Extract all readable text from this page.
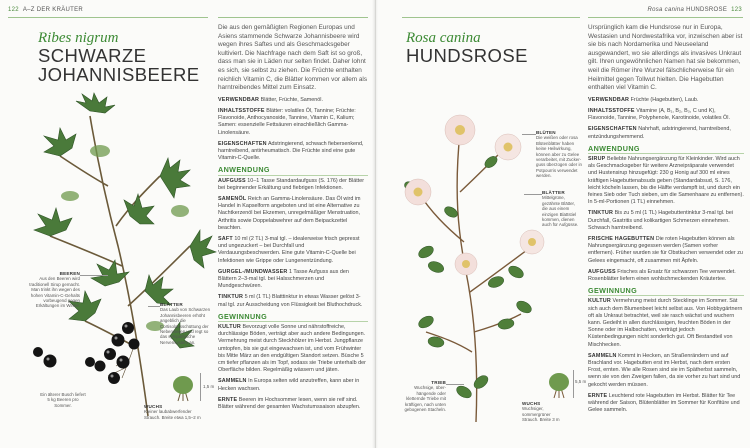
122 A–Z DER KRÄUTER
Ribes nigrum
SCHWARZE JOHANNISBEERE
BEEREN
Aus den Beeren wird traditionell Sirup gemacht. Man trinkt ihn wegen des hohen Vitamin-C-Gehalts vorbeugend gegen Erkältungen im Winter.	BLÄTTER
Das Laub von Schwarzen Johannisbeeren erhöht angeblich die Cortisolausschüttung der Nebennieren und regt so das sympathische Nervensystem an.
WUCHS
Kleiner laubabwerfender Strauch. Breite etwa 1,5–2 m
Ein älterer Busch liefert 5 kg Beeren pro Sommer.
1,5 m

Die aus den gemäßigten Regionen Europas und Asiens stammende Schwarze Johannisbeere wird wegen ihres Saftes und als Geschmacksgeber kultiviert. Die Nachfrage nach dem Saft ist so groß, dass man sie in Läden nur selten findet. Daher lohnt es sich, sie selbst zu ziehen. Die Früchte enthalten reichlich Vitamin C, die Blätter kommen vor allem als harntreibendes Mittel zum Einsatz.

VERWENDBAR Blätter, Früchte, Samenöl.

INHALTSSTOFFE Blätter: volatiles Öl, Tannine; Früchte: Flavonoide, Anthocyanoside, Tannine, Vitamin C, Kalium; Samen: essenzielle Fettsäuren einschließlich Gamma-Linolensäure.

EIGENSCHAFTEN Adstringierend, schwach fiebersenkend, harntreibend, antirheumatisch. Die Früchte sind eine gute Vitamin-C-Quelle.

ANWENDUNG

AUFGUSS 10–1 Tasse Standardaufguss (S. 176) der Blätter bei beginnender Erkältung und fiebrigen Infektionen.

SAMENÖL Reich an Gamma-Linolensäure. Das Öl wird im Handel in Kapselform angeboten und ist eine Alternative zu Nachtkerzenöl bei Ekzemen, unregelmäßiger Menstruation, Arthritis sowie Doppelabwehrer auf dem Beipackzettel beachten.

SAFT 10 ml (2 TL) 3-mal tgl. – idealerweise frisch gepresst und ungezuckert – bei Durchfall und Verdauungsbeschwerden. Eine gute Vitamin-C-Quelle bei Infektionen wie Grippe oder Lungenentzündung.

GURGEL-/MUNDWASSER 1 Tasse Aufguss aus den Blättern 2–3-mal tgl. bei Halsschmerzen und Mundgeschwüren.

TINKTUR 5 ml (1 TL) Blatttinktur in etwas Wasser gelöst 3-mal tgl. zur Ausscheidung von Flüssigkeit bei Bluthochdruck.

GEWINNUNG

KULTUR Bevorzugt volle Sonne und nährstoffreiche, durchlässige Böden, verträgt aber auch andere Bedingungen. Vermehrung meist durch Steckhölzer im Herbst. Jungpflanze umtopfen, bis sie gut eingewachsen ist, und vom Frühwinter bis Mitte März an den endgültigen Standort setzen. Büsche 5 cm tiefer pflanzen als im Topf, sodass sie Triebe unterhalb der Oberfläche bilden. Regelmäßig wässern und jäten.

SAMMELN In Europa selten wild anzutreffen, kann aber in Hecken wachsen.

ERNTE Beeren im Hochsommer lesen, wenn sie reif sind. Blätter während der gesamten Wachstumssaison abzupfen.

Rosa canina HUNDSROSE 123
Rosa canina
HUNDSROSE
BLÜTEN
Die weißen oder rosa Blütenblätter haben keine Heilwirkung, können aber zu Gelee verarbeitet, mit Zucker-guss überzogen oder in Potpourris verwendet werden.
BLÄTTER
Mittelgrüne, gezähnte Blätter, die aus einem einzigen Blattstiel kommen, dienen auch für Aufgüsse.
TRIEB
Wuchsige, über-hängende oder kletternde Triebe mit kräftigen, nach unten gebogenen Stacheln.
WUCHS
Wuchsiger, sommergrüner Strauch. Breite 3 m
5,5 m

Ursprünglich kam die Hundsrose nur in Europa, Westasien und Nordwestafrika vor, inzwischen aber ist sie bis nach Nordamerika und Neuseeland ausgewandert, wo sie allerdings als invasives Unkraut gilt. Ihren ungewöhnlichen Namen hat sie bekommen, weil die Römer ihre Wurzel fälschlicherweise für ein Heilmittel gegen Tollwut hielten. Die Hagebutten enthalten viel Vitamin C.

VERWENDBAR Früchte (Hagebutten), Laub.

INHALTSSTOFFE Vitamine (A, B₁, B₂, B₃, C und K), Flavonoide, Tannine, Polyphenole, Karotinoide, volatiles Öl.

EIGENSCHAFTEN Nahrhaft, adstringierend, harntreibend, entzündungshemmend.

ANWENDUNG

SIRUP Beliebte Nahrungsergänzung für Kleinkinder. Wird auch als Geschmacksgeber für weitere Arzneipräparate verwendet und Hustensirup hinzugefügt: 230 g Honig auf 300 ml eines kräftigen Hagebuttenabsuds geben (Standardabsud, S. 176, leicht köcheln lassen, bis die Hälfte verdampft ist, und durch ein feines Sieb oder Tuch sieben, um die Samenhaare zu entfernen). In 5-ml-Portionen (1 TL) einnehmen.

TINKTUR Bis zu 5 ml (1 TL) Hagebuttentinktur 3-mal tgl. bei Durchfall, Gastritis und kolikartigen Schmerzen einnehmen. Schwach harntreibend.

FRISCHE HAGEBUTTEN Die roten Hagebutten können als Nahrungsergänzung gegessen werden (Samen vorher entfernen). Früher wurden sie für Obstkuchen verwendet oder zu Gelees eingemacht, oft zusammen mit Äpfeln.

AUFGUSS Frisches als Ersatz für schwarzen Tee verwendet. Rosenblätter liefern einen wohlschmeckenden Kräutertee.

GEWINNUNG

KULTUR Vermehrung meist durch Stecklinge im Sommer. Sät sich auch dem Blumenbeet leicht selbst aus. Von Hobbygärtnern oft als Unkraut betrachtet, weil sie rasch wächst und wuchern kann. Gedeiht in allen durchlässigen, feuchten Böden in der Sonne oder im Halbschatten, verträgt jedoch Küstenbedingungen nicht sonderlich gut. Oft Bestandteil von Mischhecken.

SAMMELN Kommt in Hecken, an Straßenrändern und auf Brachland vor. Hagebutten erst im Herbst, nach dem ersten Frost, ernten. Wie alle Rosen sind sie im Spätherbst sammeln, wenn sie von den Zweigen fallen, da sie vorher zu hart sind und gekocht werden müssen.

ERNTE Leuchtend rote Hagebutten im Herbst. Blätter für Tee während der Saison, Blütenblätter im Sommer für Konfitüre und Gelee sammeln.
